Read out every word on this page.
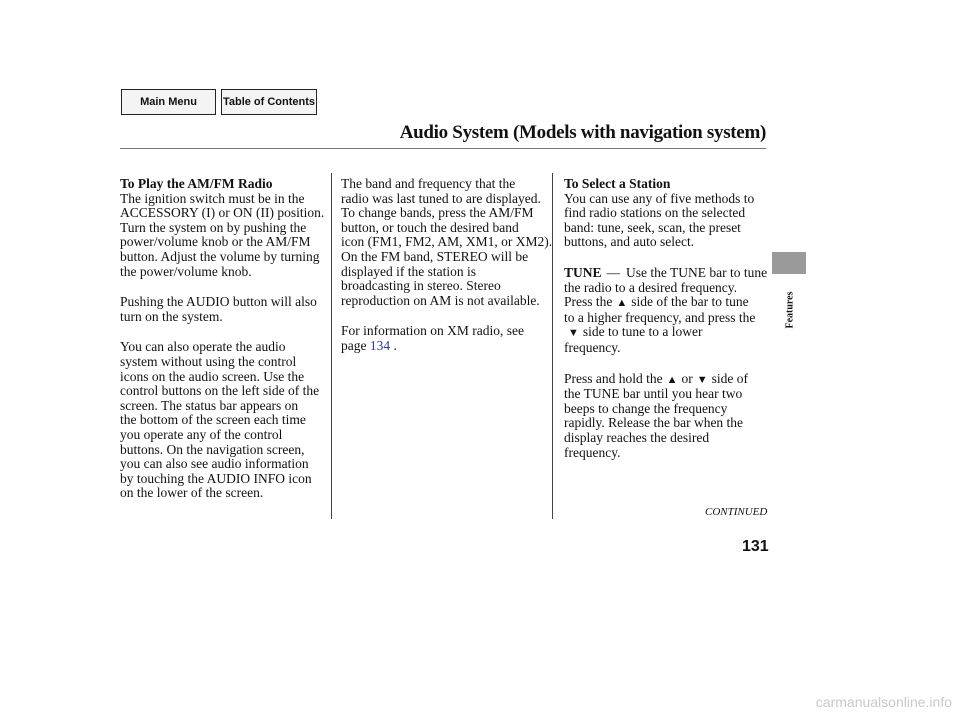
Main Menu	Table of Contents
Audio System (Models with navigation system)
To Play the AM/FM Radio

The ignition switch must be in the
ACCESSORY (I) or ON (II) position.
Turn the system on by pushing the
power/volume knob or the AM/FM
button. Adjust the volume by turning
the power/volume knob.

Pushing the AUDIO button will also
turn on the system.

You can also operate the audio
system without using the control
icons on the audio screen. Use the
control buttons on the left side of the
screen. The status bar appears on
the bottom of the screen each time
you operate any of the control
buttons. On the navigation screen,
you can also see audio information
by touching the AUDIO INFO icon
on the lower of the screen.

The band and frequency that the
radio was last tuned to are displayed.
To change bands, press the AM/FM
button, or touch the desired band
icon (FM1, FM2, AM, XM1, or XM2).
On the FM band, STEREO will be
displayed if the station is
broadcasting in stereo. Stereo
reproduction on AM is not available.

For information on XM radio, see
page 134 .

To Select a Station

You can use any of five methods to
find radio stations on the selected
band: tune, seek, scan, the preset
buttons, and auto select.

TUNE — Use the TUNE bar to tune
the radio to a desired frequency.
Press the ▲ side of the bar to tune
to a higher frequency, and press the
▼ side to tune to a lower
frequency.

Press and hold the ▲ or ▼ side of
the TUNE bar until you hear two
beeps to change the frequency
rapidly. Release the bar when the
display reaches the desired
frequency.

CONTINUED
Features
131
carmanualsonline.info
